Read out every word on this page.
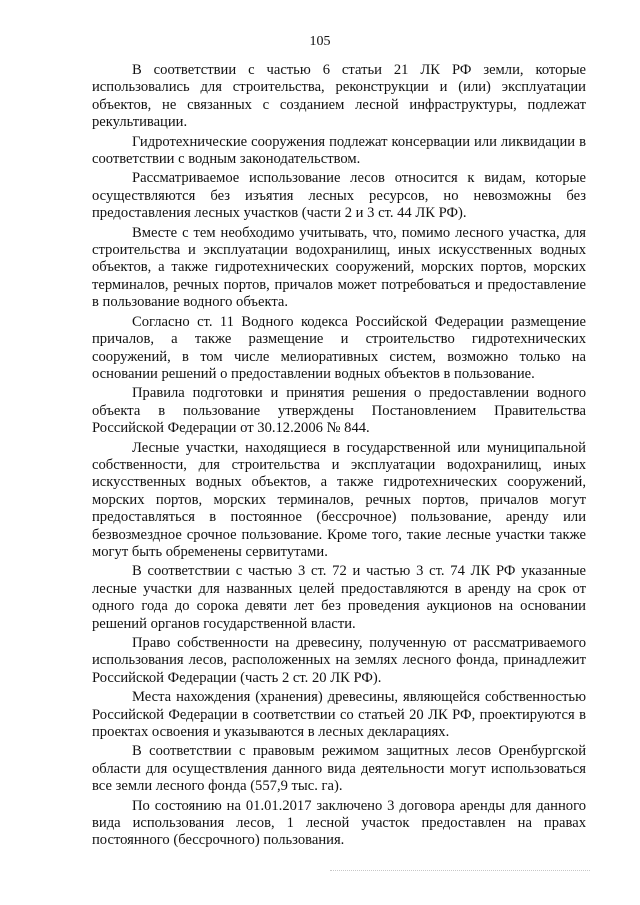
105

В соответствии с частью 6 статьи 21 ЛК РФ земли, которые использовались для строительства, реконструкции и (или) эксплуатации объектов, не связанных с созданием лесной инфраструктуры, подлежат рекультивации.

Гидротехнические сооружения подлежат консервации или ликвидации в соответствии с водным законодательством.

Рассматриваемое использование лесов относится к видам, которые осуществляются без изъятия лесных ресурсов, но невозможны без предоставления лесных участков (части 2 и 3 ст. 44 ЛК РФ).

Вместе с тем необходимо учитывать, что, помимо лесного участка, для строительства и эксплуатации водохранилищ, иных искусственных водных объектов, а также гидротехнических сооружений, морских портов, морских терминалов, речных портов, причалов может потребоваться и предоставление в пользование водного объекта.

Согласно ст. 11 Водного кодекса Российской Федерации размещение причалов, а также размещение и строительство гидротехнических сооружений, в том числе мелиоративных систем, возможно только на основании решений о предоставлении водных объектов в пользование.

Правила подготовки и принятия решения о предоставлении водного объекта в пользование утверждены Постановлением Правительства Российской Федерации от 30.12.2006 № 844.

Лесные участки, находящиеся в государственной или муниципальной собственности, для строительства и эксплуатации водохранилищ, иных искусственных водных объектов, а также гидротехнических сооружений, морских портов, морских терминалов, речных портов, причалов могут предоставляться в постоянное (бессрочное) пользование, аренду или безвозмездное срочное пользование. Кроме того, такие лесные участки также могут быть обременены сервитутами.

В соответствии с частью 3 ст. 72 и частью 3 ст. 74 ЛК РФ указанные лесные участки для названных целей предоставляются в аренду на срок от одного года до сорока девяти лет без проведения аукционов на основании решений органов государственной власти.

Право собственности на древесину, полученную от рассматриваемого использования лесов, расположенных на землях лесного фонда, принадлежит Российской Федерации (часть 2 ст. 20 ЛК РФ).

Места нахождения (хранения) древесины, являющейся собственностью Российской Федерации в соответствии со статьей 20 ЛК РФ, проектируются в проектах освоения и указываются в лесных декларациях.

В соответствии с правовым режимом защитных лесов Оренбургской области для осуществления данного вида деятельности могут использоваться все земли лесного фонда (557,9 тыс. га).

По состоянию на 01.01.2017 заключено 3 договора аренды для данного вида использования лесов, 1 лесной участок предоставлен на правах постоянного (бессрочного) пользования.
